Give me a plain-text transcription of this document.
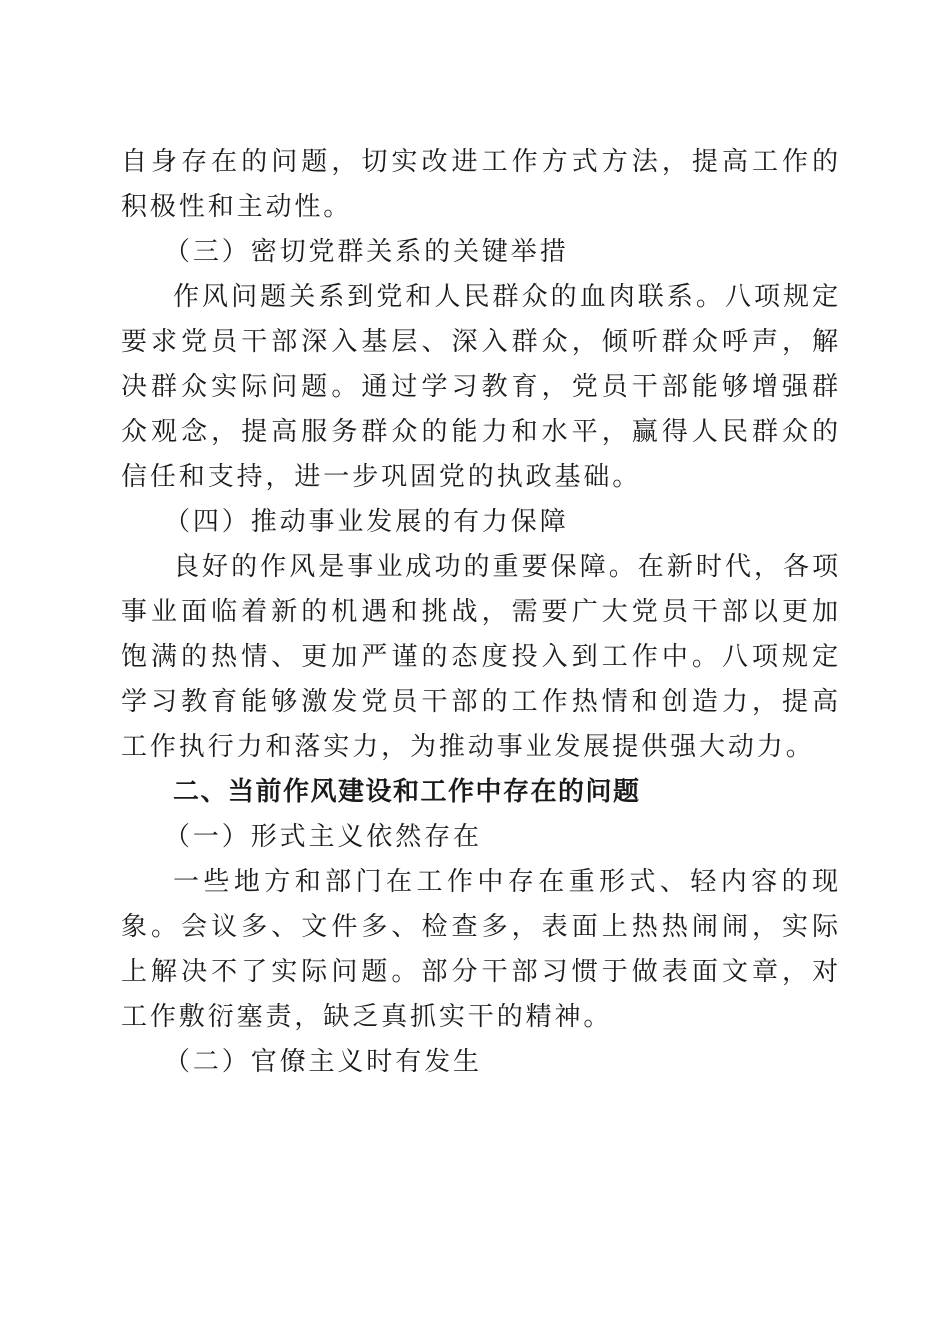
自身存在的问题，切实改进工作方式方法，提高工作的积极性和主动性。

（三）密切党群关系的关键举措

作风问题关系到党和人民群众的血肉联系。八项规定要求党员干部深入基层、深入群众，倾听群众呼声，解决群众实际问题。通过学习教育，党员干部能够增强群众观念，提高服务群众的能力和水平，赢得人民群众的信任和支持，进一步巩固党的执政基础。

（四）推动事业发展的有力保障

良好的作风是事业成功的重要保障。在新时代，各项事业面临着新的机遇和挑战，需要广大党员干部以更加饱满的热情、更加严谨的态度投入到工作中。八项规定学习教育能够激发党员干部的工作热情和创造力，提高工作执行力和落实力，为推动事业发展提供强大动力。

二、当前作风建设和工作中存在的问题

（一）形式主义依然存在

一些地方和部门在工作中存在重形式、轻内容的现象。会议多、文件多、检查多，表面上热热闹闹，实际上解决不了实际问题。部分干部习惯于做表面文章，对工作敷衍塞责，缺乏真抓实干的精神。

（二）官僚主义时有发生
